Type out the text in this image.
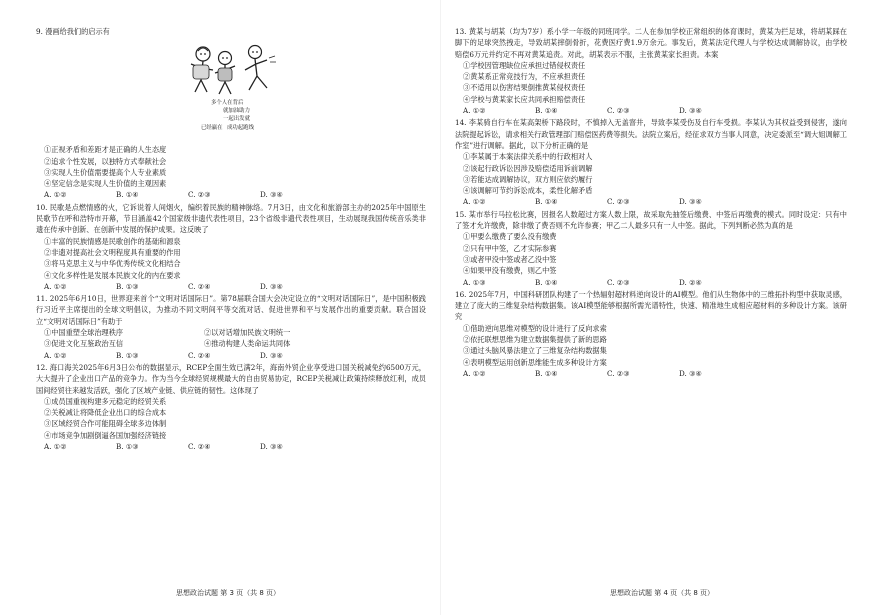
9. 漫画给我们的启示有

多个人在背后
就加油助力
一起出发就
已经赢在 成功起跑线

①正视矛盾和差距才是正确的人生态度

②追求个性发展，以独特方式奉献社会

③实现人生价值需要提高个人专业素质

④坚定信念是实现人生价值的主观因素

A. ①②	B. ①④	C. ②③	D. ③④

10. 民歌是点燃情感的火，它诉说着人间烟火，编织着民族的精神脉络。7月3日，由文化和旅游部主办的2025年中国原生民歌节在呼和浩特市开幕，节目涵盖42个国家级非遗代表性项目，23个省级非遗代表性项目，生动展现我国传统音乐类非遗在传承中创新、在创新中发展的保护成果。这反映了

①丰富的民族情感是民歌创作的基础和源泉

②非遗对提高社会文明程度具有重要的作用

③将马克思主义与中华优秀传统文化相结合

④文化多样性是发展本民族文化的内在要求

A. ①②	B. ①③	C. ②④	D. ③④

11. 2025年6月10日，世界迎来首个“文明对话国际日”。第78届联合国大会决定设立的“文明对话国际日”，是中国积极践行习近平主席提出的全球文明倡议，为推动不同文明间平等交流对话、促进世界和平与发展作出的重要贡献。联合国设立“文明对话国际日”有助于

①中国重塑全球治理秩序	②以对话增加民族文明统一
③促进文化互鉴政治互信	④推动构建人类命运共同体
A. ①②	B. ①③	C. ②④	D. ③④

12. 海口海关2025年6月3日公布的数据显示，RCEP全面生效已满2年，海南外贸企业享受进口国关税减免约6500万元，大大提升了企业出口产品的竞争力。作为当今全球经贸规模最大的自由贸易协定，RCEP关税减让政策持续释放红利，成员国间经贸往来越发活跃，强化了区域产业链、供应链的韧性。这体现了

①成员国重视构建多元稳定的经贸关系

②关税减让将降低企业出口的综合成本

③区域经贸合作可能阻碍全球多边体制

④市场竞争加剧倒逼各国加强经济链接

A. ①②	B. ①③	C. ②④	D. ③④

13. 黄某与胡某（均为7岁）系小学一年级的同班同学。二人在参加学校正常组织的体育课时，黄某为拦足球，将胡某踩在脚下的足球突然拽走，导致胡某摔倒骨折，花费医疗费1.9万余元。事发后，黄某法定代理人与学校达成调解协议，由学校赔偿6万元并约定不再对黄某追责。对此，胡某表示不服，主张黄某家长担责。本案

①学校因管理缺位应承担过错侵权责任

②黄某系正常竞技行为，不应承担责任

③不适用以伤害结果倒推黄某侵权责任

④学校与黄某家长应共同承担赔偿责任

A. ①②	B. ①④	C. ②③	D. ③④

14. 李某骑自行车在某高架桥下路段时，不慎掉入无盖窨井，导致李某受伤及自行车受损。李某认为其权益受到侵害，遂向法院提起诉讼，请求相关行政管理部门赔偿医药费等损失。法院立案后，经征求双方当事人同意，决定委派至“调大姐调解工作室”进行调解。据此，以下分析正确的是

①李某属于本案法律关系中的行政相对人

②该起行政诉讼因涉及赔偿适用诉前调解

③若能达成调解协议，双方则应依约履行

④该调解可节约诉讼成本，柔性化解矛盾

A. ①②	B. ①④	C. ②③	D. ③④

15. 某市举行马拉松比赛，因报名人数超过方案人数上限，故采取先抽签后缴费、中签后再缴费的模式。同时设定：只有中了签才允许缴费，除非缴了费否则不允许参赛；甲乙二人最多只有一人中签。据此，下列判断必然为真的是

①甲要么缴费了要么没有缴费

②只有甲中签，乙才实际参赛

③或者甲没中签或者乙没中签

④如果甲没有缴费，则乙中签

A. ①③	B. ①④	C. ②③	D. ②④

16. 2025年7月，中国科研团队构建了一个热辐射超材料逆向设计的AI模型。他们从生物体中的三维拓扑构型中获取灵感，建立了庞大的三维复杂结构数据集。该AI模型能够根据所需光谱特性，快速、精准地生成相应超材料的多种设计方案。该研究

①借助逆向思维对模型的设计进行了反向求索

②依托联想思维为建立数据集提供了新的思路

③通过头脑风暴法建立了三维复杂结构数据集

④表明模型运用创新思维能生成多种设计方案

A. ①②	B. ①④	C. ②③	D. ③④
思想政治试题 第 3 页（共 8 页）	思想政治试题 第 4 页（共 8 页）
